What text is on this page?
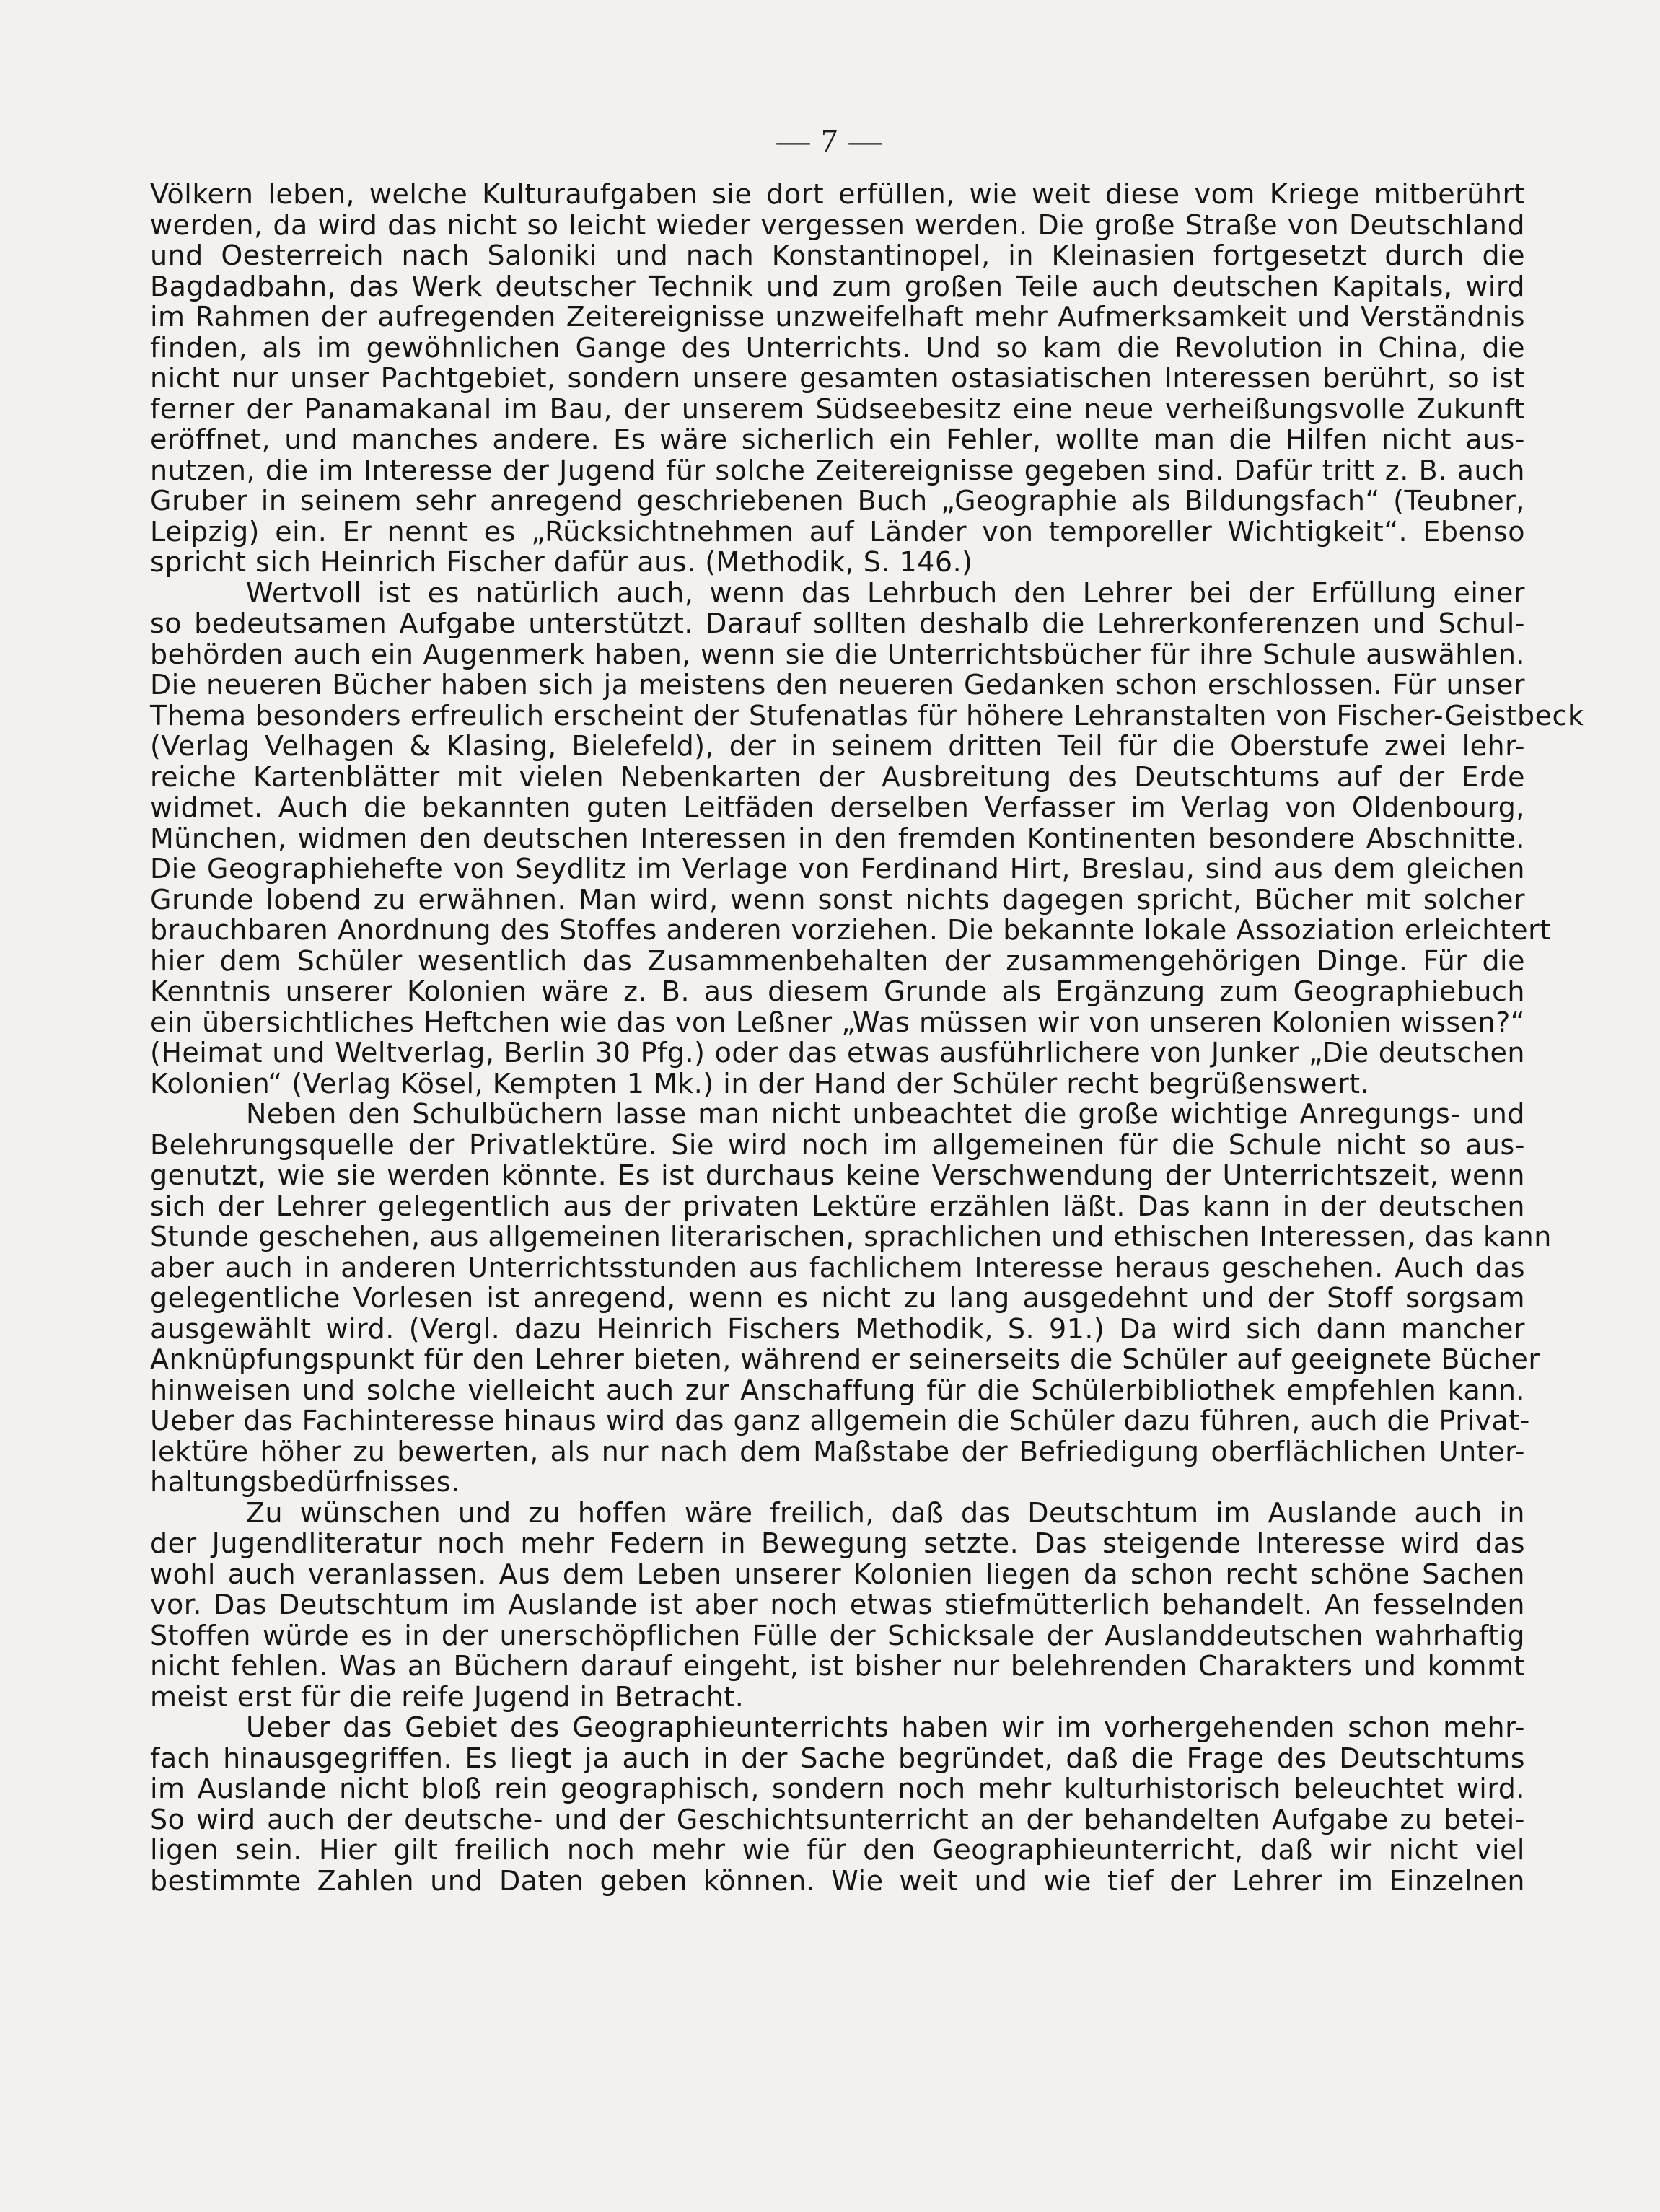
— 7 —
Völkern leben, welche Kulturaufgaben sie dort erfüllen, wie weit diese vom Kriege mitberührt
werden, da wird das nicht so leicht wieder vergessen werden. Die große Straße von Deutschland
und Oesterreich nach Saloniki und nach Konstantinopel, in Kleinasien fortgesetzt durch die
Bagdadbahn, das Werk deutscher Technik und zum großen Teile auch deutschen Kapitals, wird
im Rahmen der aufregenden Zeitereignisse unzweifelhaft mehr Aufmerksamkeit und Verständnis
finden, als im gewöhnlichen Gange des Unterrichts. Und so kam die Revolution in China, die
nicht nur unser Pachtgebiet, sondern unsere gesamten ostasiatischen Interessen berührt, so ist
ferner der Panamakanal im Bau, der unserem Südseebesitz eine neue verheißungsvolle Zukunft
eröffnet, und manches andere. Es wäre sicherlich ein Fehler, wollte man die Hilfen nicht aus-
nutzen, die im Interesse der Jugend für solche Zeitereignisse gegeben sind. Dafür tritt z. B. auch
Gruber in seinem sehr anregend geschriebenen Buch „Geographie als Bildungsfach“ (Teubner,
Leipzig) ein. Er nennt es „Rücksichtnehmen auf Länder von temporeller Wichtigkeit“. Ebenso
spricht sich Heinrich Fischer dafür aus. (Methodik, S. 146.)
Wertvoll ist es natürlich auch, wenn das Lehrbuch den Lehrer bei der Erfüllung einer
so bedeutsamen Aufgabe unterstützt. Darauf sollten deshalb die Lehrerkonferenzen und Schul-
behörden auch ein Augenmerk haben, wenn sie die Unterrichtsbücher für ihre Schule auswählen.
Die neueren Bücher haben sich ja meistens den neueren Gedanken schon erschlossen. Für unser
Thema besonders erfreulich erscheint der Stufenatlas für höhere Lehranstalten von Fischer-Geistbeck
(Verlag Velhagen & Klasing, Bielefeld), der in seinem dritten Teil für die Oberstufe zwei lehr-
reiche Kartenblätter mit vielen Nebenkarten der Ausbreitung des Deutschtums auf der Erde
widmet. Auch die bekannten guten Leitfäden derselben Verfasser im Verlag von Oldenbourg,
München, widmen den deutschen Interessen in den fremden Kontinenten besondere Abschnitte.
Die Geographiehefte von Seydlitz im Verlage von Ferdinand Hirt, Breslau, sind aus dem gleichen
Grunde lobend zu erwähnen. Man wird, wenn sonst nichts dagegen spricht, Bücher mit solcher
brauchbaren Anordnung des Stoffes anderen vorziehen. Die bekannte lokale Assoziation erleichtert
hier dem Schüler wesentlich das Zusammenbehalten der zusammengehörigen Dinge. Für die
Kenntnis unserer Kolonien wäre z. B. aus diesem Grunde als Ergänzung zum Geographiebuch
ein übersichtliches Heftchen wie das von Leßner „Was müssen wir von unseren Kolonien wissen?“
(Heimat und Weltverlag, Berlin 30 Pfg.) oder das etwas ausführlichere von Junker „Die deutschen
Kolonien“ (Verlag Kösel, Kempten 1 Mk.) in der Hand der Schüler recht begrüßenswert.
Neben den Schulbüchern lasse man nicht unbeachtet die große wichtige Anregungs- und
Belehrungsquelle der Privatlektüre. Sie wird noch im allgemeinen für die Schule nicht so aus-
genutzt, wie sie werden könnte. Es ist durchaus keine Verschwendung der Unterrichtszeit, wenn
sich der Lehrer gelegentlich aus der privaten Lektüre erzählen läßt. Das kann in der deutschen
Stunde geschehen, aus allgemeinen literarischen, sprachlichen und ethischen Interessen, das kann
aber auch in anderen Unterrichtsstunden aus fachlichem Interesse heraus geschehen. Auch das
gelegentliche Vorlesen ist anregend, wenn es nicht zu lang ausgedehnt und der Stoff sorgsam
ausgewählt wird. (Vergl. dazu Heinrich Fischers Methodik, S. 91.) Da wird sich dann mancher
Anknüpfungspunkt für den Lehrer bieten, während er seinerseits die Schüler auf geeignete Bücher
hinweisen und solche vielleicht auch zur Anschaffung für die Schülerbibliothek empfehlen kann.
Ueber das Fachinteresse hinaus wird das ganz allgemein die Schüler dazu führen, auch die Privat-
lektüre höher zu bewerten, als nur nach dem Maßstabe der Befriedigung oberflächlichen Unter-
haltungsbedürfnisses.
Zu wünschen und zu hoffen wäre freilich, daß das Deutschtum im Auslande auch in
der Jugendliteratur noch mehr Federn in Bewegung setzte. Das steigende Interesse wird das
wohl auch veranlassen. Aus dem Leben unserer Kolonien liegen da schon recht schöne Sachen
vor. Das Deutschtum im Auslande ist aber noch etwas stiefmütterlich behandelt. An fesselnden
Stoffen würde es in der unerschöpflichen Fülle der Schicksale der Auslanddeutschen wahrhaftig
nicht fehlen. Was an Büchern darauf eingeht, ist bisher nur belehrenden Charakters und kommt
meist erst für die reife Jugend in Betracht.
Ueber das Gebiet des Geographieunterrichts haben wir im vorhergehenden schon mehr-
fach hinausgegriffen. Es liegt ja auch in der Sache begründet, daß die Frage des Deutschtums
im Auslande nicht bloß rein geographisch, sondern noch mehr kulturhistorisch beleuchtet wird.
So wird auch der deutsche- und der Geschichtsunterricht an der behandelten Aufgabe zu betei-
ligen sein. Hier gilt freilich noch mehr wie für den Geographieunterricht, daß wir nicht viel
bestimmte Zahlen und Daten geben können. Wie weit und wie tief der Lehrer im Einzelnen
